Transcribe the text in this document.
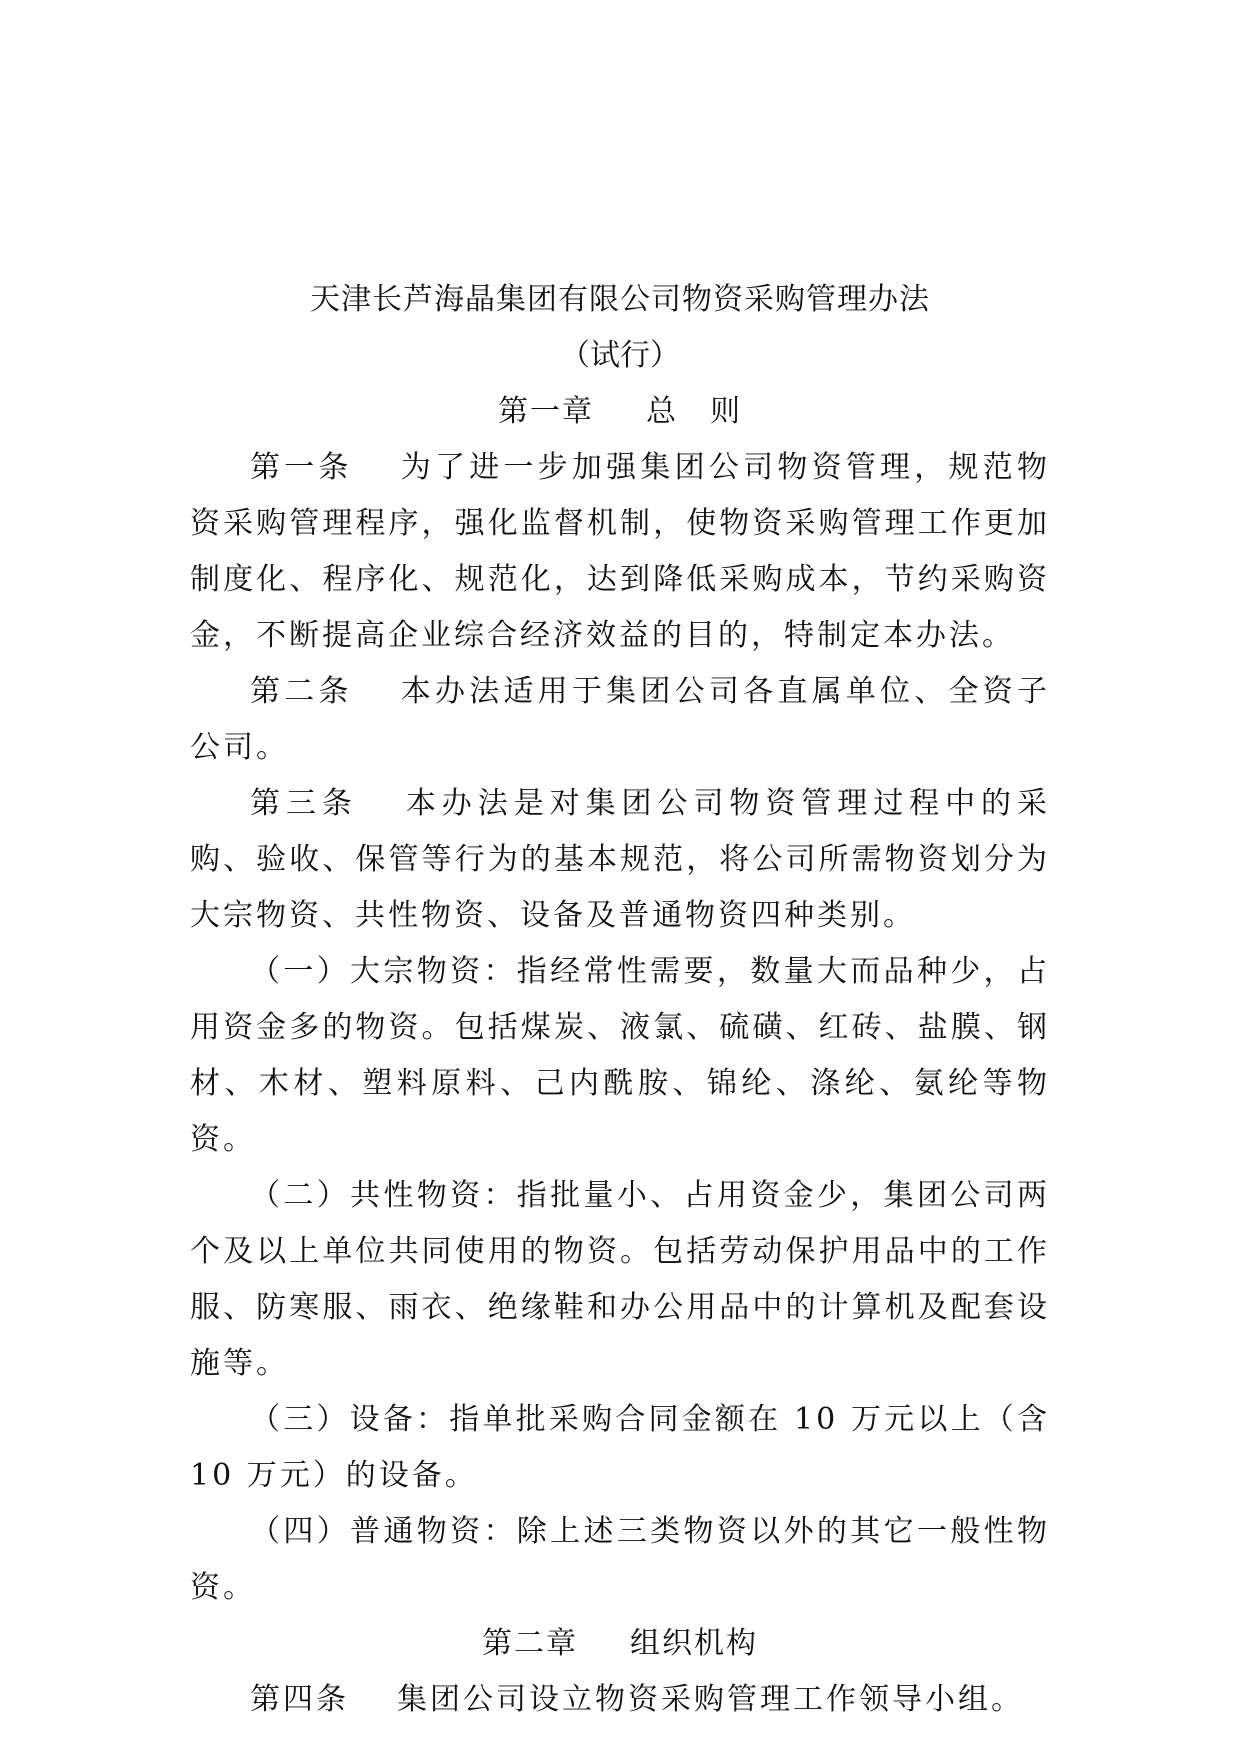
天津长芦海晶集团有限公司物资采购管理办法
（试行）
第一章 总　则

第一条 为了进一步加强集团公司物资管理，规范物资采购管理程序，强化监督机制，使物资采购管理工作更加制度化、程序化、规范化，达到降低采购成本，节约采购资金，不断提高企业综合经济效益的目的，特制定本办法。

第二条 本办法适用于集团公司各直属单位、全资子公司。

第三条 本办法是对集团公司物资管理过程中的采购、验收、保管等行为的基本规范，将公司所需物资划分为大宗物资、共性物资、设备及普通物资四种类别。

（一）大宗物资：指经常性需要，数量大而品种少，占用资金多的物资。包括煤炭、液氯、硫磺、红砖、盐膜、钢材、木材、塑料原料、己内酰胺、锦纶、涤纶、氨纶等物资。

（二）共性物资：指批量小、占用资金少，集团公司两个及以上单位共同使用的物资。包括劳动保护用品中的工作服、防寒服、雨衣、绝缘鞋和办公用品中的计算机及配套设施等。

（三）设备：指单批采购合同金额在 10 万元以上（含 10 万元）的设备。

（四）普通物资：除上述三类物资以外的其它一般性物资。

第二章 组织机构

第四条 集团公司设立物资采购管理工作领导小组。
